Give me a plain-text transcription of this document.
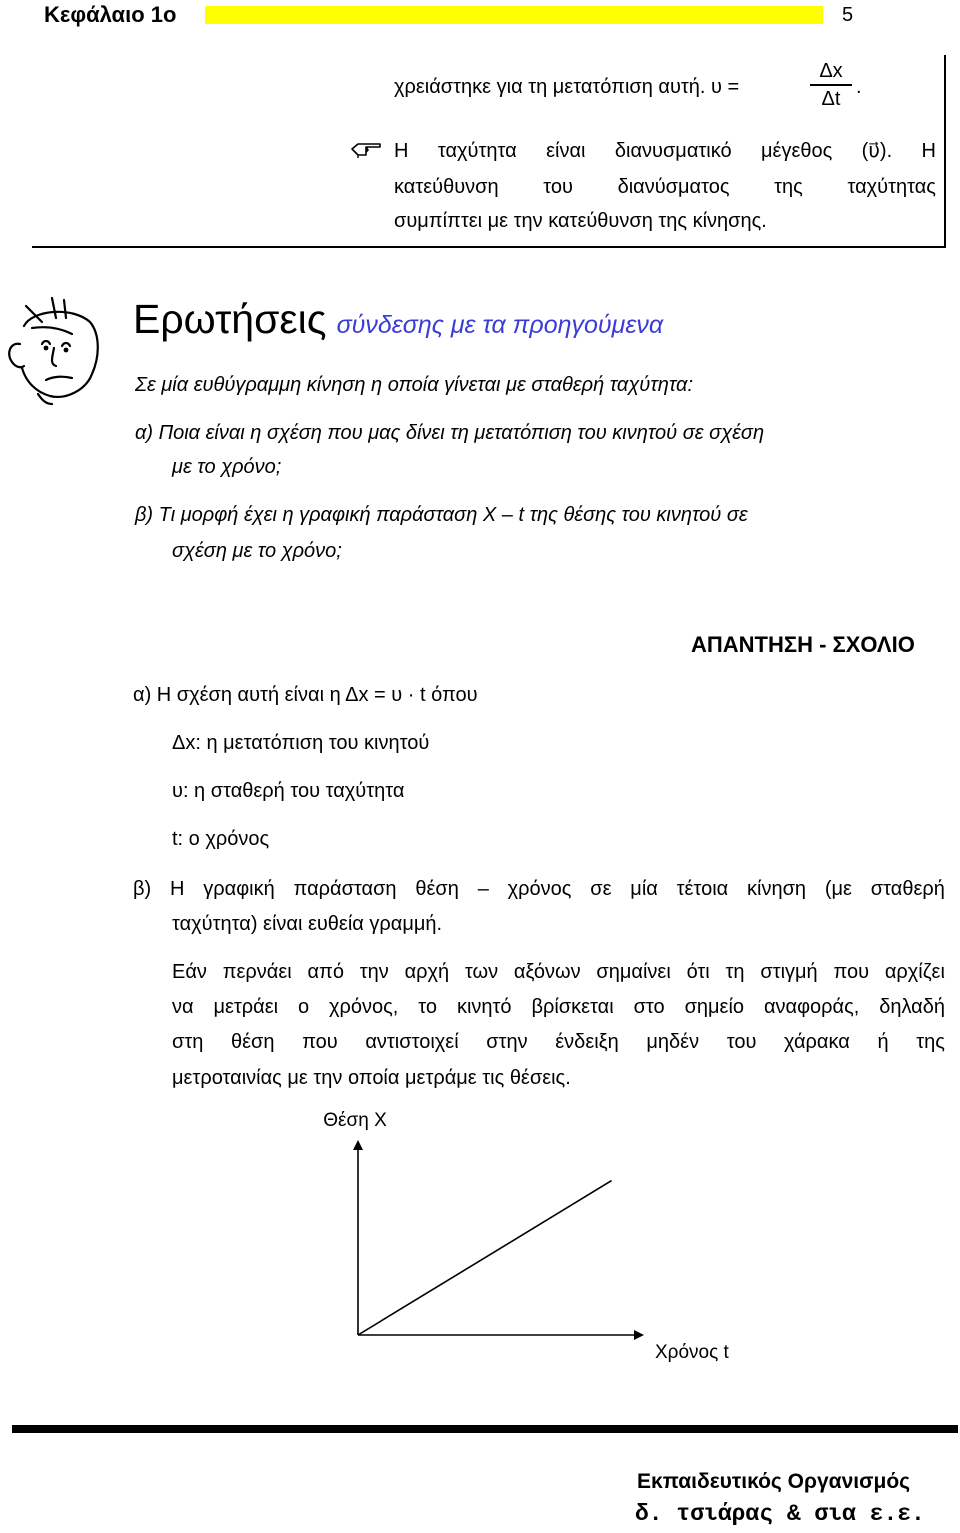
Κεφάλαιο 1ο	5
χρειάστηκε για τη μετατόπιση αυτή. υ =
Δx
Δt
.
Η ταχύτητα είναι διανυσματικό μέγεθος (υ⃗). Η
κατεύθυνση του διανύσματος της ταχύτητας
συμπίπτει με την κατεύθυνση της κίνησης.
Ερωτήσεις σύνδεσης με τα προηγούμενα
Σε μία ευθύγραμμη κίνηση η οποία γίνεται με σταθερή ταχύτητα:
α) Ποια είναι η σχέση που μας δίνει τη μετατόπιση του κινητού σε σχέση
με το χρόνο;
β) Τι μορφή έχει η γραφική παράσταση Χ – t της θέσης του κινητού σε
σχέση με το χρόνο;
ΑΠΑΝΤΗΣΗ - ΣΧΟΛΙΟ
α) Η σχέση αυτή είναι η Δx = υ · t όπου
Δx: η μετατόπιση του κινητού
υ: η σταθερή του ταχύτητα
t: ο χρόνος
β) Η γραφική παράσταση θέση – χρόνος σε μία τέτοια κίνηση (με σταθερή
ταχύτητα) είναι ευθεία γραμμή.
Εάν περνάει από την αρχή των αξόνων σημαίνει ότι τη στιγμή που αρχίζει
να μετράει ο χρόνος, το κινητό βρίσκεται στο σημείο αναφοράς, δηλαδή
στη θέση που αντιστοιχεί στην ένδειξη μηδέν του χάρακα ή της
μετροταινίας με την οποία μετράμε τις θέσεις.
Θέση Χ
Χρόνος t
Εκπαιδευτικός Οργανισμός
δ. τσιάρας & σια ε.ε.
